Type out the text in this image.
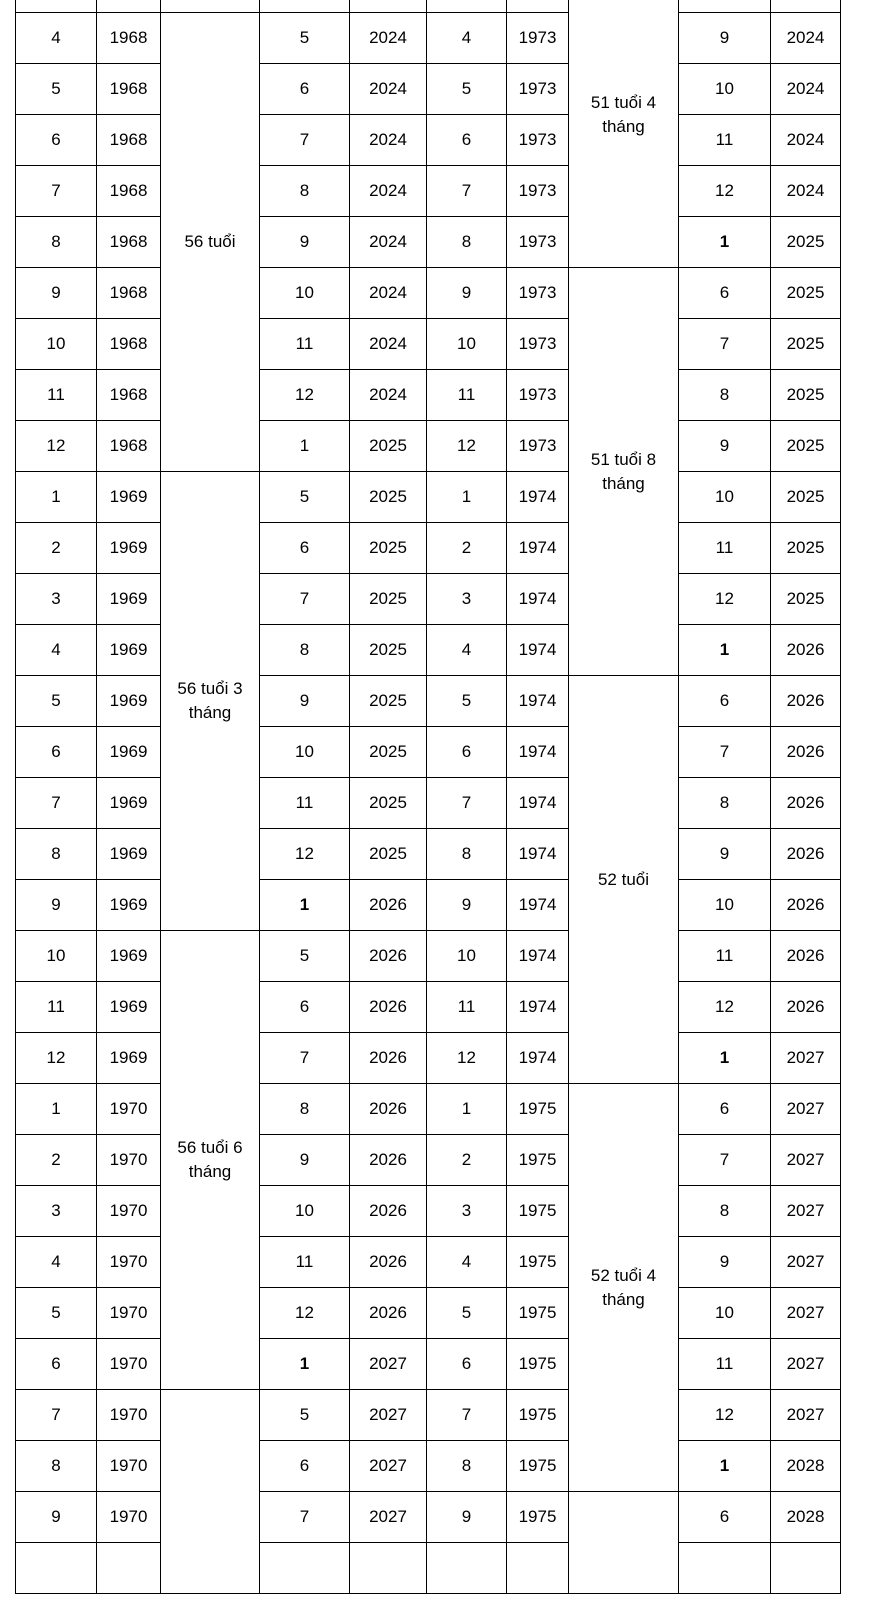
							51 tuổi 4 tháng		
4	1968	56 tuổi	5	2024	4	1973		9	2024
5	1968		6	2024	5	1973		10	2024
6	1968		7	2024	6	1973		11	2024
7	1968		8	2024	7	1973		12	2024
8	1968		9	2024	8	1973		1	2025
9	1968		10	2024	9	1973	51 tuổi 8 tháng	6	2025
10	1968		11	2024	10	1973		7	2025
11	1968		12	2024	11	1973		8	2025
12	1968		1	2025	12	1973		9	2025
1	1969	56 tuổi 3 tháng	5	2025	1	1974		10	2025
2	1969		6	2025	2	1974		11	2025
3	1969		7	2025	3	1974		12	2025
4	1969		8	2025	4	1974		1	2026
5	1969		9	2025	5	1974	52 tuổi	6	2026
6	1969		10	2025	6	1974		7	2026
7	1969		11	2025	7	1974		8	2026
8	1969		12	2025	8	1974		9	2026
9	1969		1	2026	9	1974		10	2026
10	1969	56 tuổi 6 tháng	5	2026	10	1974		11	2026
11	1969		6	2026	11	1974		12	2026
12	1969		7	2026	12	1974		1	2027
1	1970		8	2026	1	1975	52 tuổi 4 tháng	6	2027
2	1970		9	2026	2	1975		7	2027
3	1970		10	2026	3	1975		8	2027
4	1970		11	2026	4	1975		9	2027
5	1970		12	2026	5	1975		10	2027
6	1970		1	2027	6	1975		11	2027
7	1970		5	2027	7	1975		12	2027
8	1970		6	2027	8	1975		1	2028
9	1970		7	2027	9	1975		6	2028
